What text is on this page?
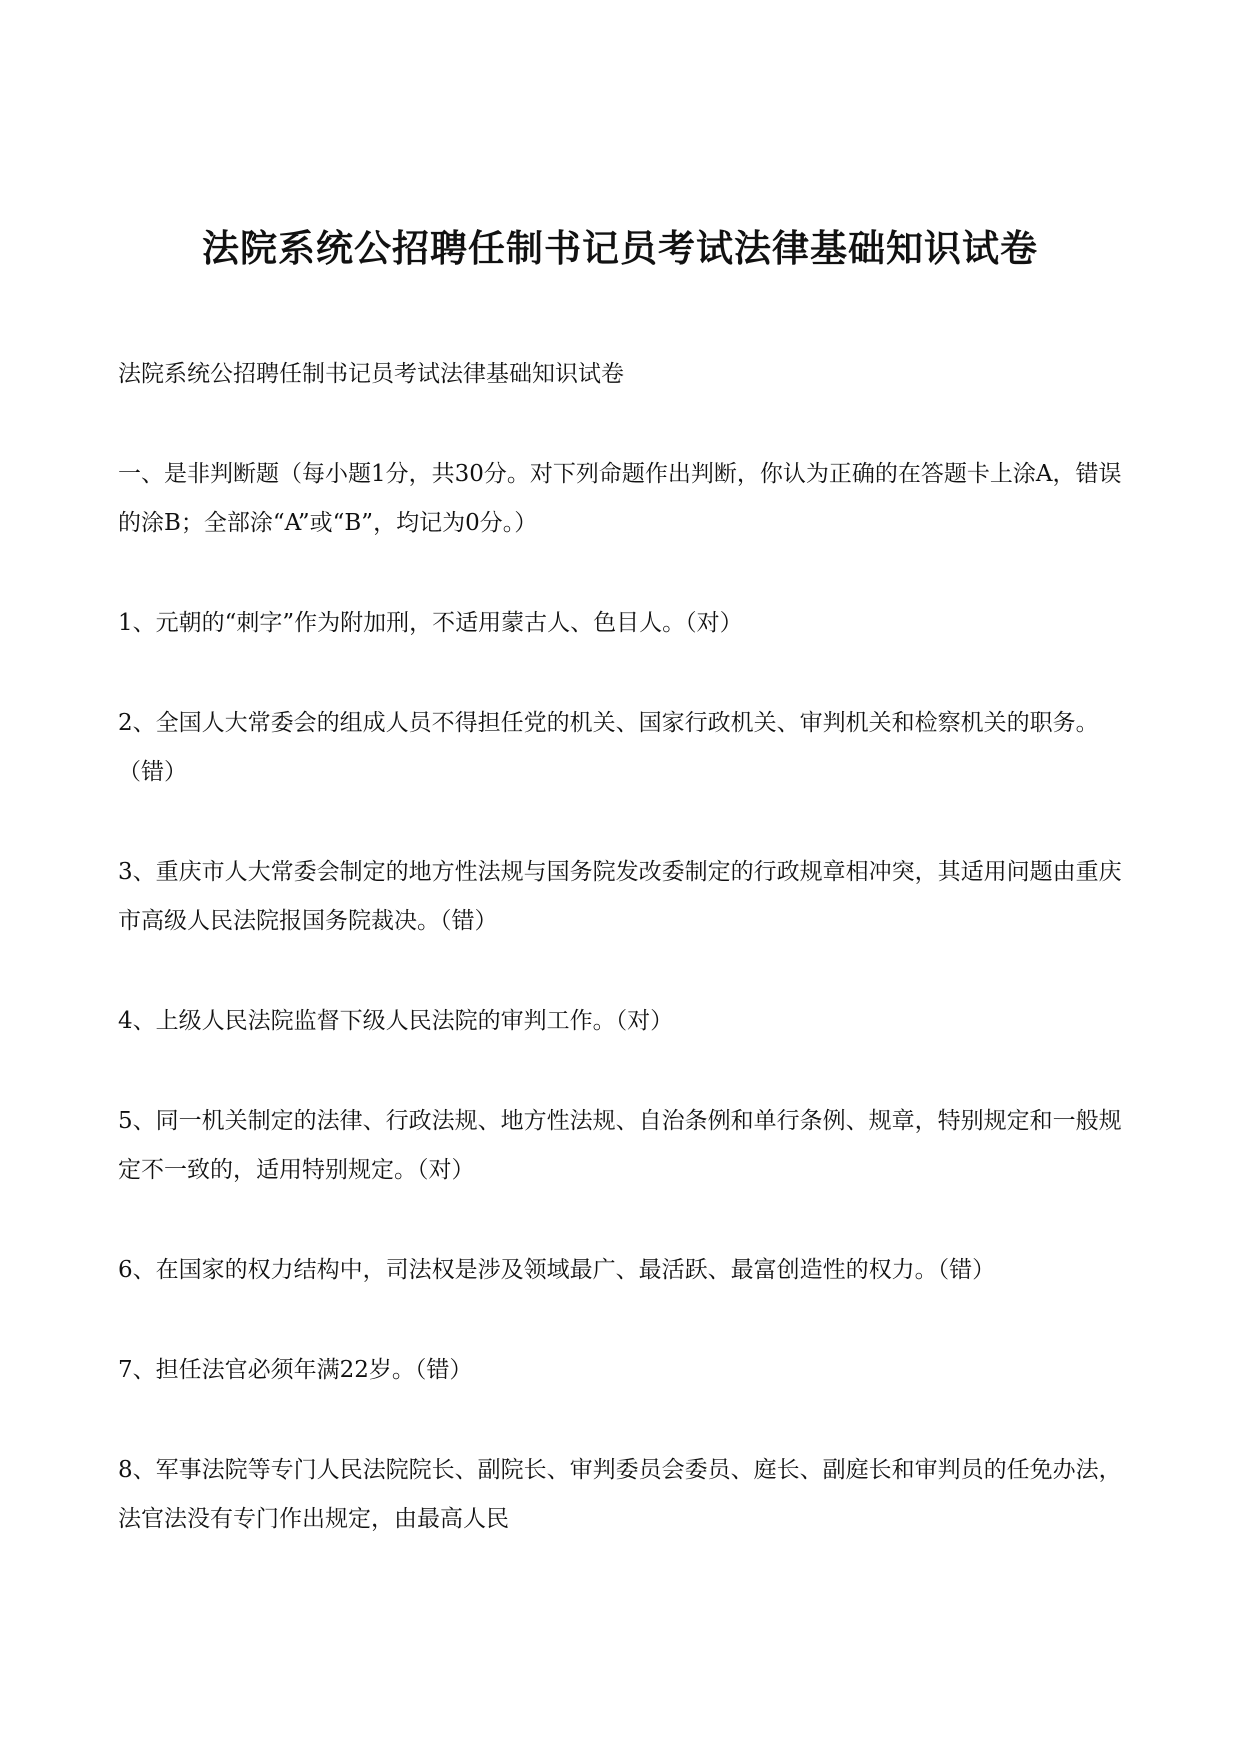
法院系统公招聘任制书记员考试法律基础知识试卷

法院系统公招聘任制书记员考试法律基础知识试卷

一、是非判断题（每小题1分，共30分。对下列命题作出判断，你认为正确的在答题卡上涂A，错误的涂B；全部涂“A”或“B”，均记为0分。）

1、元朝的“刺字”作为附加刑，不适用蒙古人、色目人。（对）

2、全国人大常委会的组成人员不得担任党的机关、国家行政机关、审判机关和检察机关的职务。（错）

3、重庆市人大常委会制定的地方性法规与国务院发改委制定的行政规章相冲突，其适用问题由重庆市高级人民法院报国务院裁决。（错）

4、上级人民法院监督下级人民法院的审判工作。（对）

5、同一机关制定的法律、行政法规、地方性法规、自治条例和单行条例、规章，特别规定和一般规定不一致的，适用特别规定。（对）

6、在国家的权力结构中，司法权是涉及领域最广、最活跃、最富创造性的权力。（错）

7、担任法官必须年满22岁。（错）

8、军事法院等专门人民法院院长、副院长、审判委员会委员、庭长、副庭长和审判员的任免办法，法官法没有专门作出规定，由最高人民
